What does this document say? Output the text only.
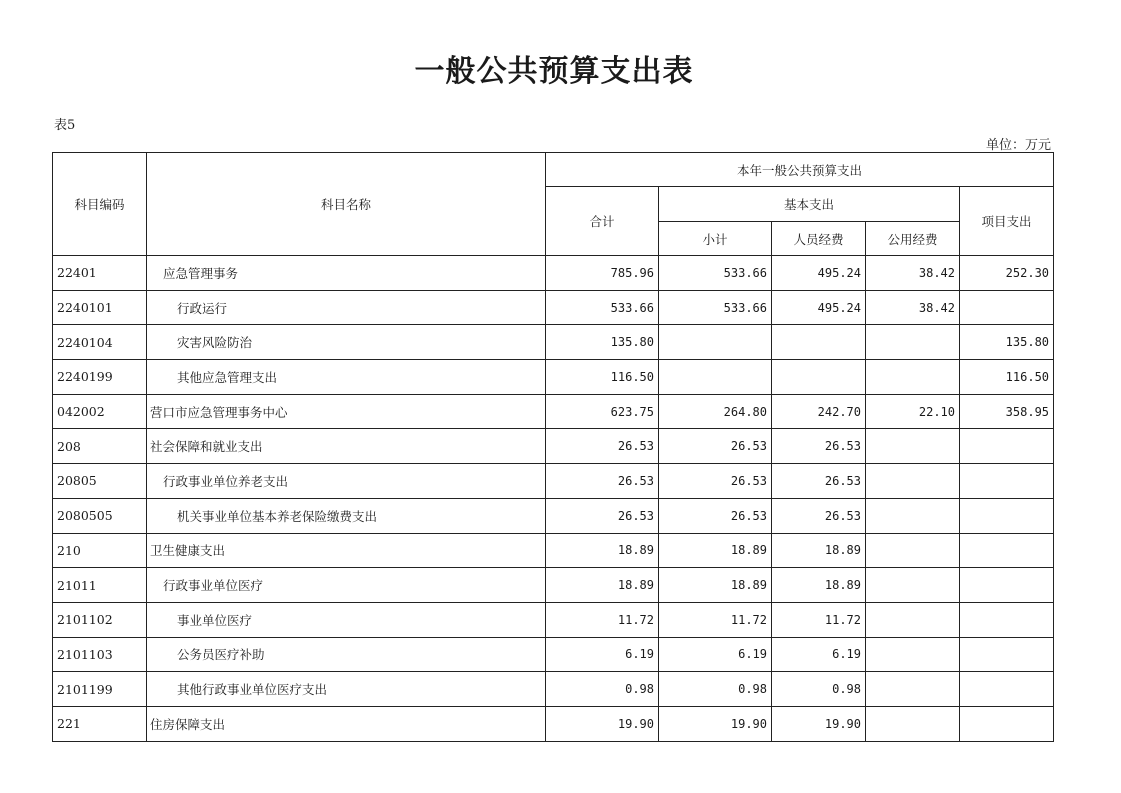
一般公共预算支出表
表5
单位：万元
科目编码	科目名称	本年一般公共预算支出				
		合计	基本支出			项目支出
			小计	人员经费	公用经费	
22401	应急管理事务	785.96	533.66	495.24	38.42	252.30
2240101	行政运行	533.66	533.66	495.24	38.42	
2240104	灾害风险防治	135.80				135.80
2240199	其他应急管理支出	116.50				116.50
042002	营口市应急管理事务中心	623.75	264.80	242.70	22.10	358.95
208	社会保障和就业支出	26.53	26.53	26.53		
20805	行政事业单位养老支出	26.53	26.53	26.53		
2080505	机关事业单位基本养老保险缴费支出	26.53	26.53	26.53		
210	卫生健康支出	18.89	18.89	18.89		
21011	行政事业单位医疗	18.89	18.89	18.89		
2101102	事业单位医疗	11.72	11.72	11.72		
2101103	公务员医疗补助	6.19	6.19	6.19		
2101199	其他行政事业单位医疗支出	0.98	0.98	0.98		
221	住房保障支出	19.90	19.90	19.90		
